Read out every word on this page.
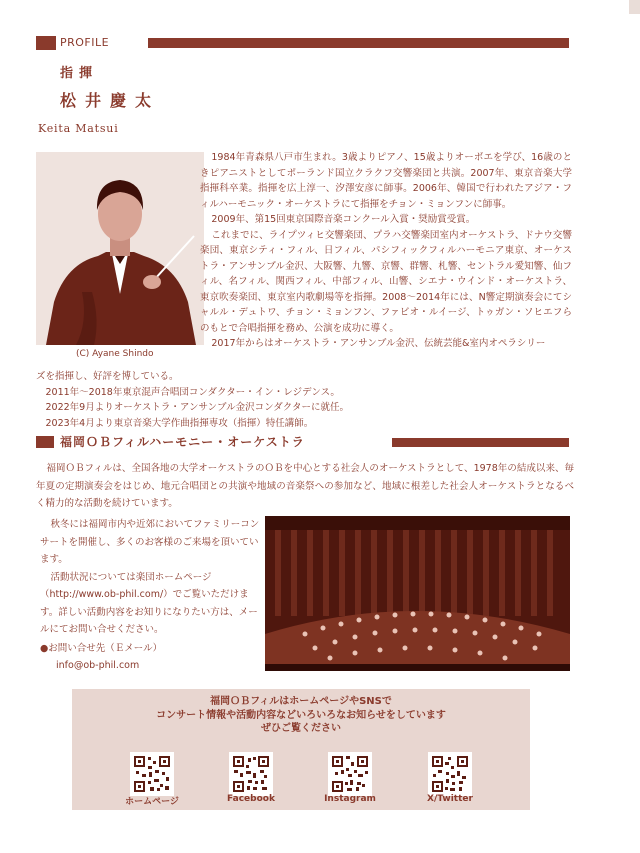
PROFILE
指揮
松井慶太
Keita Matsui
(C) Ayane Shindo

1984年青森県八戸市生まれ。3歳よりピアノ、15歳よりオーボエを学び、16歳のときピアニストとしてポーランド国立クラクフ交響楽団と共演。2007年、東京音楽大学指揮科卒業。指揮を広上淳一、汐澤安彦に師事。2006年、韓国で行われたアジア・フィルハーモニック・オーケストラにて指揮をチョン・ミョンフンに師事。

2009年、第15回東京国際音楽コンクール入賞・奨励賞受賞。

これまでに、ライプツィヒ交響楽団、プラハ交響楽団室内オーケストラ、ドナウ交響楽団、東京シティ・フィル、日フィル、パシフィックフィルハーモニア東京、オーケストラ・アンサンブル金沢、大阪響、九響、京響、群響、札響、セントラル愛知響、仙フィル、名フィル、関西フィル、中部フィル、山響、シエナ・ウインド・オーケストラ、東京吹奏楽団、東京室内歌劇場等を指揮。2008～2014年には、N響定期演奏会にてシャルル・デュトワ、チョン・ミョンフン、ファビオ・ルイージ、トゥガン・ソヒエフらのもとで合唱指揮を務め、公演を成功に導く。

2017年からはオーケストラ・アンサンブル金沢、伝統芸能&室内オペラシリー

ズを指揮し、好評を博している。

2011年～2018年東京混声合唱団コンダクター・イン・レジデンス。

2022年9月よりオーケストラ・アンサンブル金沢コンダクターに就任。

2023年4月より東京音楽大学作曲指揮専攻（指揮）特任講師。

福岡ＯＢフィルハーモニー・オーケストラ

福岡ＯＢフィルは、全国各地の大学オーケストラのＯＢを中心とする社会人のオーケストラとして、1978年の結成以来、毎年夏の定期演奏会をはじめ、地元合唱団との共演や地域の音楽祭への参加など、地域に根差した社会人オーケストラとなるべく精力的な活動を続けています。

秋冬には福岡市内や近郊においてファミリーコンサートを開催し、多くのお客様のご来場を頂いています。

活動状況については楽団ホームページ（http://www.ob-phil.com/）でご覧いただけます。詳しい活動内容をお知りになりたい方は、メールにてお問い合せください。

●お問い合せ先（Ｅメール）

info@ob-phil.com

福岡ＯＢフィルはホームページやSNSで
コンサート情報や活動内容などいろいろなお知らせをしています
ぜひご覧ください
ホームページ	Facebook	Instagram	X/Twitter
